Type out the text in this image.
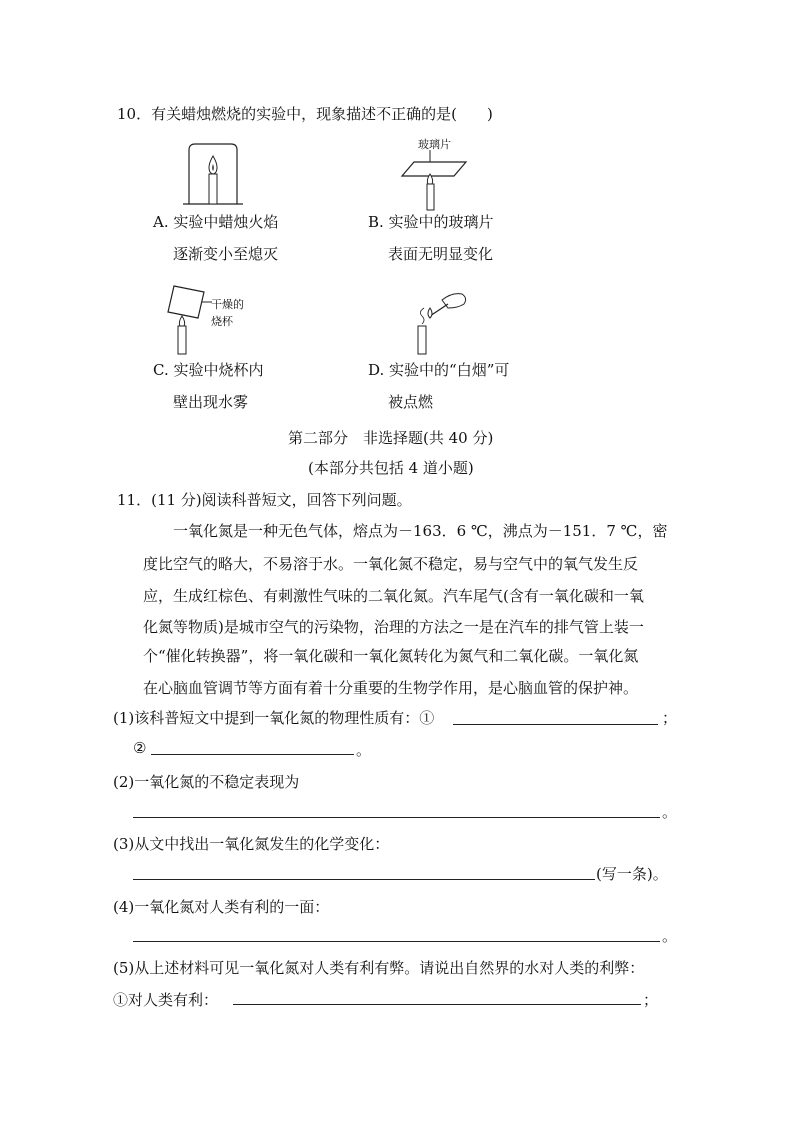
10．有关蜡烛燃烧的实验中，现象描述不正确的是(　　)
玻璃片
A. 实验中蜡烛火焰
逐渐变小至熄灭
B. 实验中的玻璃片
表面无明显变化
干燥的
烧杯
C. 实验中烧杯内
壁出现水雾
D. 实验中的“白烟”可
被点燃
第二部分　非选择题(共 40 分)
(本部分共包括 4 道小题)
11．(11 分)阅读科普短文，回答下列问题。
一氧化氮是一种无色气体，熔点为－163．6 ℃，沸点为－151．7 ℃，密
度比空气的略大，不易溶于水。一氧化氮不稳定，易与空气中的氧气发生反
应，生成红棕色、有刺激性气味的二氧化氮。汽车尾气(含有一氧化碳和一氧
化氮等物质)是城市空气的污染物，治理的方法之一是在汽车的排气管上装一
个“催化转换器”，将一氧化碳和一氧化氮转化为氮气和二氧化碳。一氧化氮
在心脑血管调节等方面有着十分重要的生物学作用，是心脑血管的保护神。
(1)该科普短文中提到一氧化氮的物理性质有：①	；
②	。
(2)一氧化氮的不稳定表现为
。
(3)从文中找出一氧化氮发生的化学变化：
(写一条)。
(4)一氧化氮对人类有利的一面：
。
(5)从上述材料可见一氧化氮对人类有利有弊。请说出自然界的水对人类的利弊：
①对人类有利：	；
